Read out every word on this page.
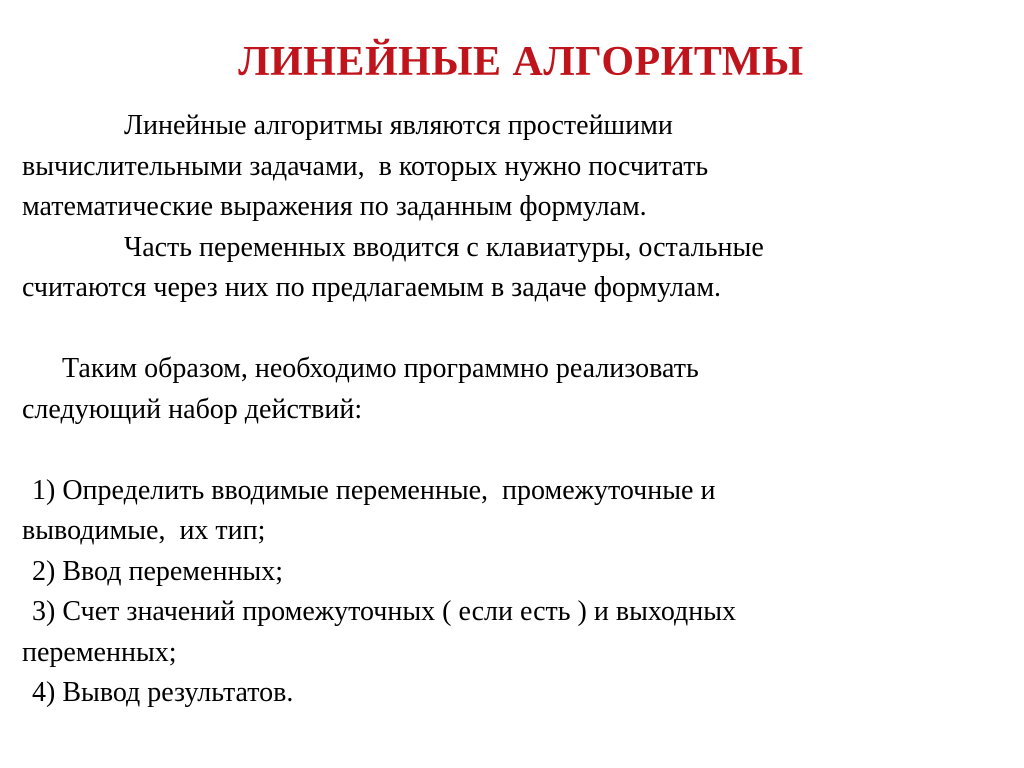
ЛИНЕЙНЫЕ АЛГОРИТМЫ
Линейные алгоритмы являются простейшими
вычислительными задачами,  в которых нужно посчитать
математические выражения по заданным формулам.
Часть переменных вводится с клавиатуры, остальные
считаются через них по предлагаемым в задаче формулам.
Таким образом, необходимо программно реализовать
следующий набор действий:
1) Определить вводимые переменные,  промежуточные и
выводимые,  их тип;
2) Ввод переменных;
3) Счет значений промежуточных ( если есть ) и выходных
переменных;
4) Вывод результатов.
